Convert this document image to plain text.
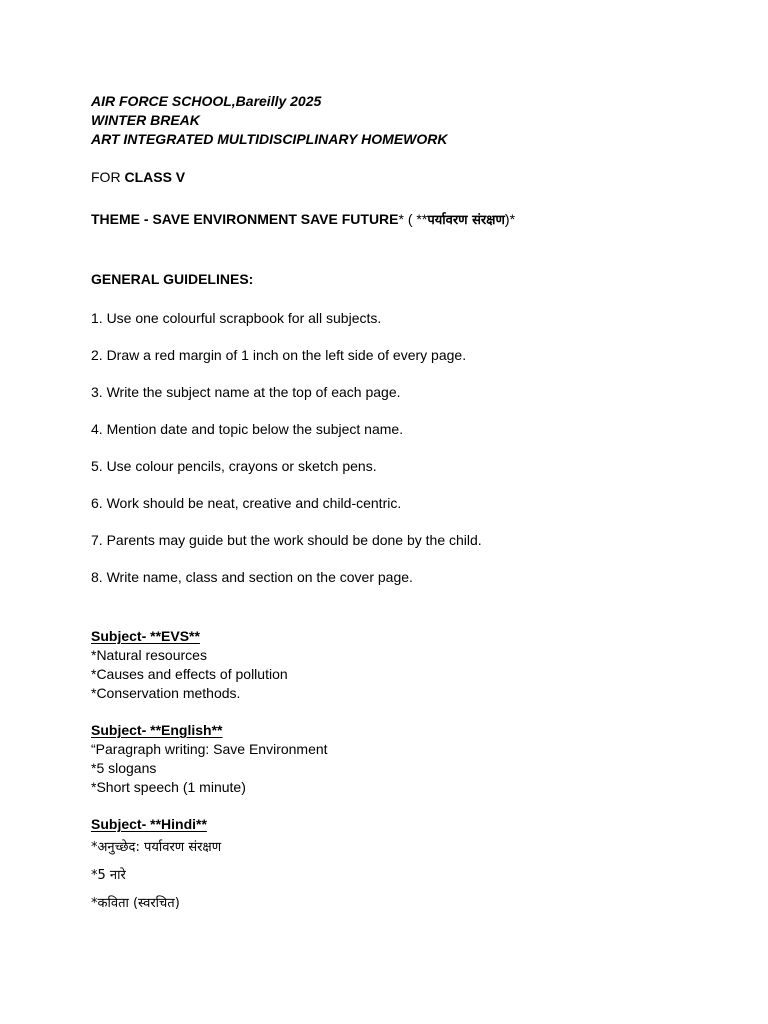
AIR FORCE SCHOOL,Bareilly 2025
WINTER BREAK
ART INTEGRATED MULTIDISCIPLINARY HOMEWORK
FOR CLASS V
THEME - SAVE ENVIRONMENT SAVE FUTURE* ( **पर्यावरण संरक्षण)*
GENERAL GUIDELINES:
1. Use one colourful scrapbook for all subjects.
2. Draw a red margin of 1 inch on the left side of every page.
3. Write the subject name at the top of each page.
4. Mention date and topic below the subject name.
5. Use colour pencils, crayons or sketch pens.
6. Work should be neat, creative and child-centric.
7. Parents may guide but the work should be done by the child.
8. Write name, class and section on the cover page.
Subject- **EVS**
*Natural resources
*Causes and effects of pollution
*Conservation methods.
Subject- **English**
“Paragraph writing: Save Environment
*5 slogans
*Short speech (1 minute)
Subject- **Hindi**
*अनुच्छेद: पर्यावरण संरक्षण
*5 नारे
*कविता (स्वरचित)
